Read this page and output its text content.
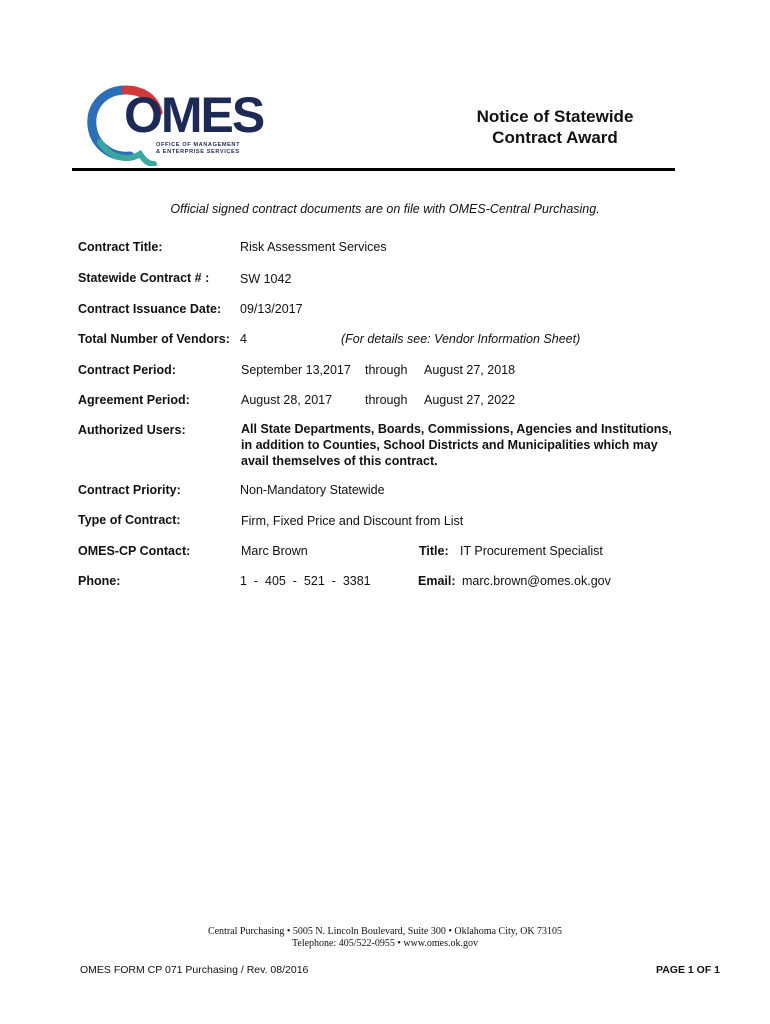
OMES
OFFICE OF MANAGEMENT
& ENTERPRISE SERVICES
Notice of Statewide
Contract Award
Official signed contract documents are on file with OMES-Central Purchasing.
Contract Title:	Risk Assessment Services
Statewide Contract # : SW 1042
Contract Issuance Date: 09/13/2017
Total Number of Vendors: 4	(For details see: Vendor Information Sheet)
Contract Period:	September 13,2017 through August 27, 2018
Agreement Period:	August 28, 2017	through August 27, 2022
Authorized Users:	All State Departments, Boards, Commissions, Agencies and Institutions,
in addition to Counties, School Districts and Municipalities which may
avail themselves of this contract.
Contract Priority:	Non-Mandatory Statewide
Type of Contract:	Firm, Fixed Price and Discount from List
OMES-CP Contact:	Marc Brown	Title: IT Procurement Specialist
Phone:	1  -  405  -  521  -  3381	Email: marc.brown@omes.ok.gov
Central Purchasing • 5005 N. Lincoln Boulevard, Suite 300 • Oklahoma City, OK 73105
Telephone: 405/522-0955 • www.omes.ok.gov
OMES FORM CP 071 Purchasing / Rev. 08/2016	PAGE 1 OF 1
